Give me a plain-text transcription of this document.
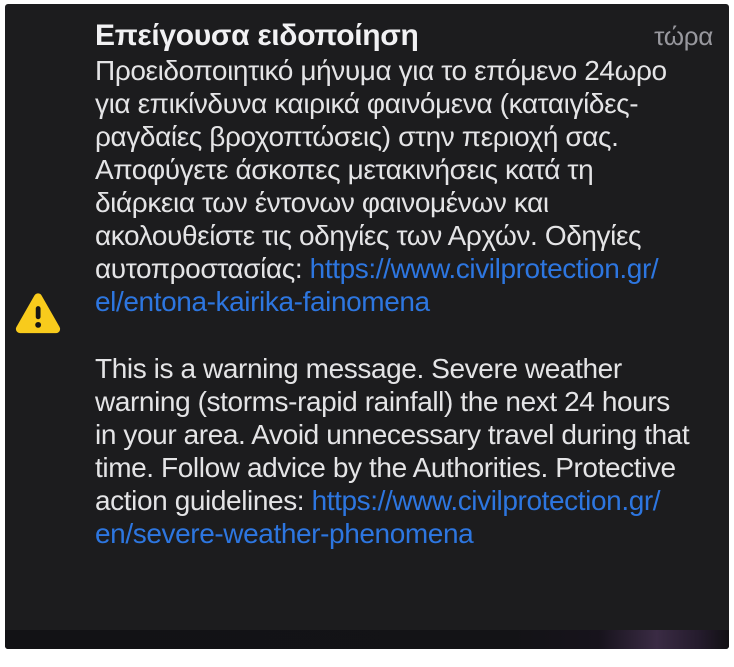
Επείγουσα ειδοποίηση	τώρα
Προειδοποιητικό μήνυμα για το επόμενο 24ωρο
για επικίνδυνα καιρικά φαινόμενα (καταιγίδες-
ραγδαίες βροχοπτώσεις) στην περιοχή σας.
Αποφύγετε άσκοπες μετακινήσεις κατά τη
διάρκεια των έντονων φαινομένων και
ακολουθείστε τις οδηγίες των Αρχών. Οδηγίες
αυτοπροστασίας: https://www.civilprotection.gr/
el/entona-kairika-fainomena
This is a warning message. Severe weather
warning (storms-rapid rainfall) the next 24 hours
in your area. Avoid unnecessary travel during that
time. Follow advice by the Authorities. Protective
action guidelines: https://www.civilprotection.gr/
en/severe-weather-phenomena
